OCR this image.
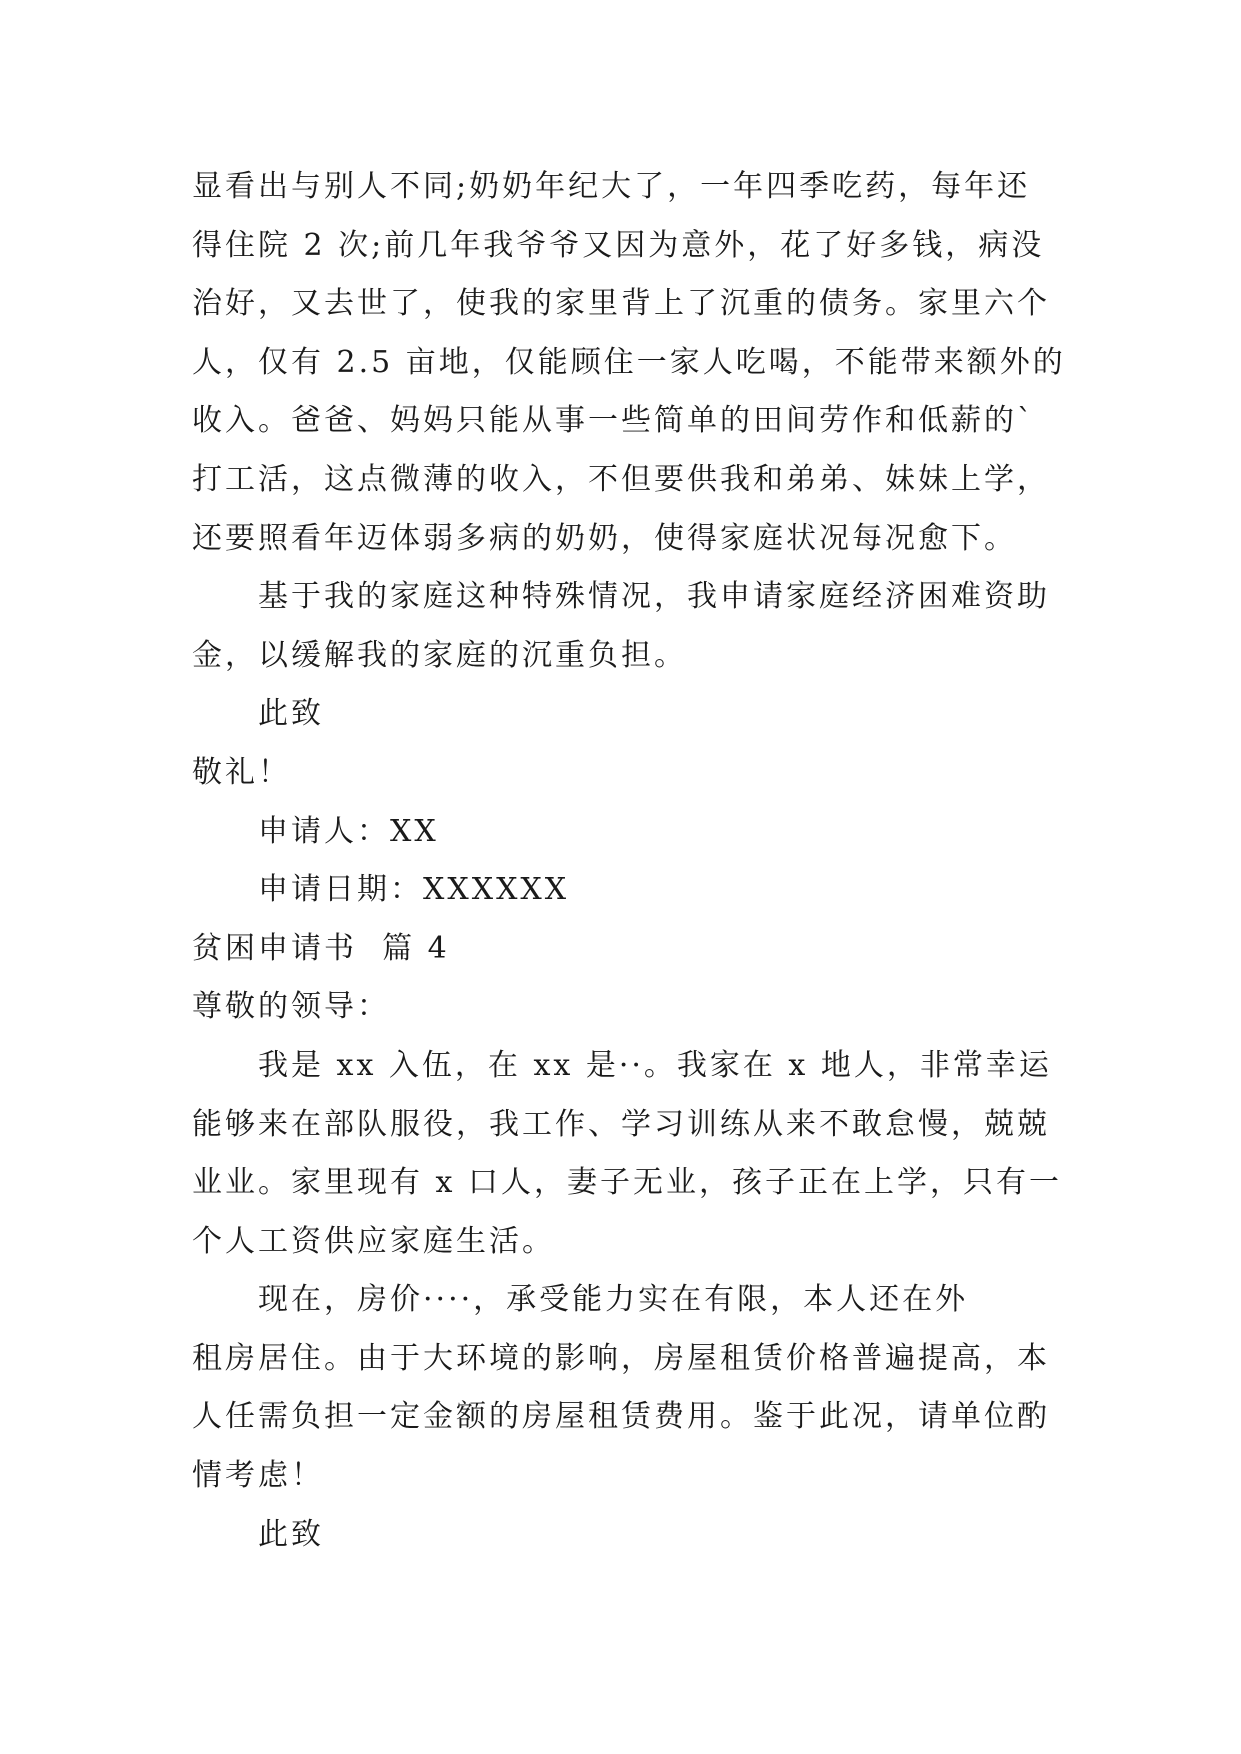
显看出与别人不同;奶奶年纪大了，一年四季吃药，每年还
得住院 2 次;前几年我爷爷又因为意外，花了好多钱，病没
治好，又去世了，使我的家里背上了沉重的债务。家里六个
人，仅有 2.5 亩地，仅能顾住一家人吃喝，不能带来额外的
收入。爸爸、妈妈只能从事一些简单的田间劳作和低薪的`
打工活，这点微薄的收入，不但要供我和弟弟、妹妹上学，
还要照看年迈体弱多病的奶奶，使得家庭状况每况愈下。
基于我的家庭这种特殊情况，我申请家庭经济困难资助
金，以缓解我的家庭的沉重负担。
此致
敬礼！
申请人：XX
申请日期：XXXXXX
贫困申请书  篇 4
尊敬的领导：
我是 xx 入伍，在 xx 是··。我家在 x 地人，非常幸运
能够来在部队服役，我工作、学习训练从来不敢怠慢，兢兢
业业。家里现有 x 口人，妻子无业，孩子正在上学，只有一
个人工资供应家庭生活。
现在，房价····，承受能力实在有限，本人还在外
租房居住。由于大环境的影响，房屋租赁价格普遍提高，本
人任需负担一定金额的房屋租赁费用。鉴于此况，请单位酌
情考虑！
此致
